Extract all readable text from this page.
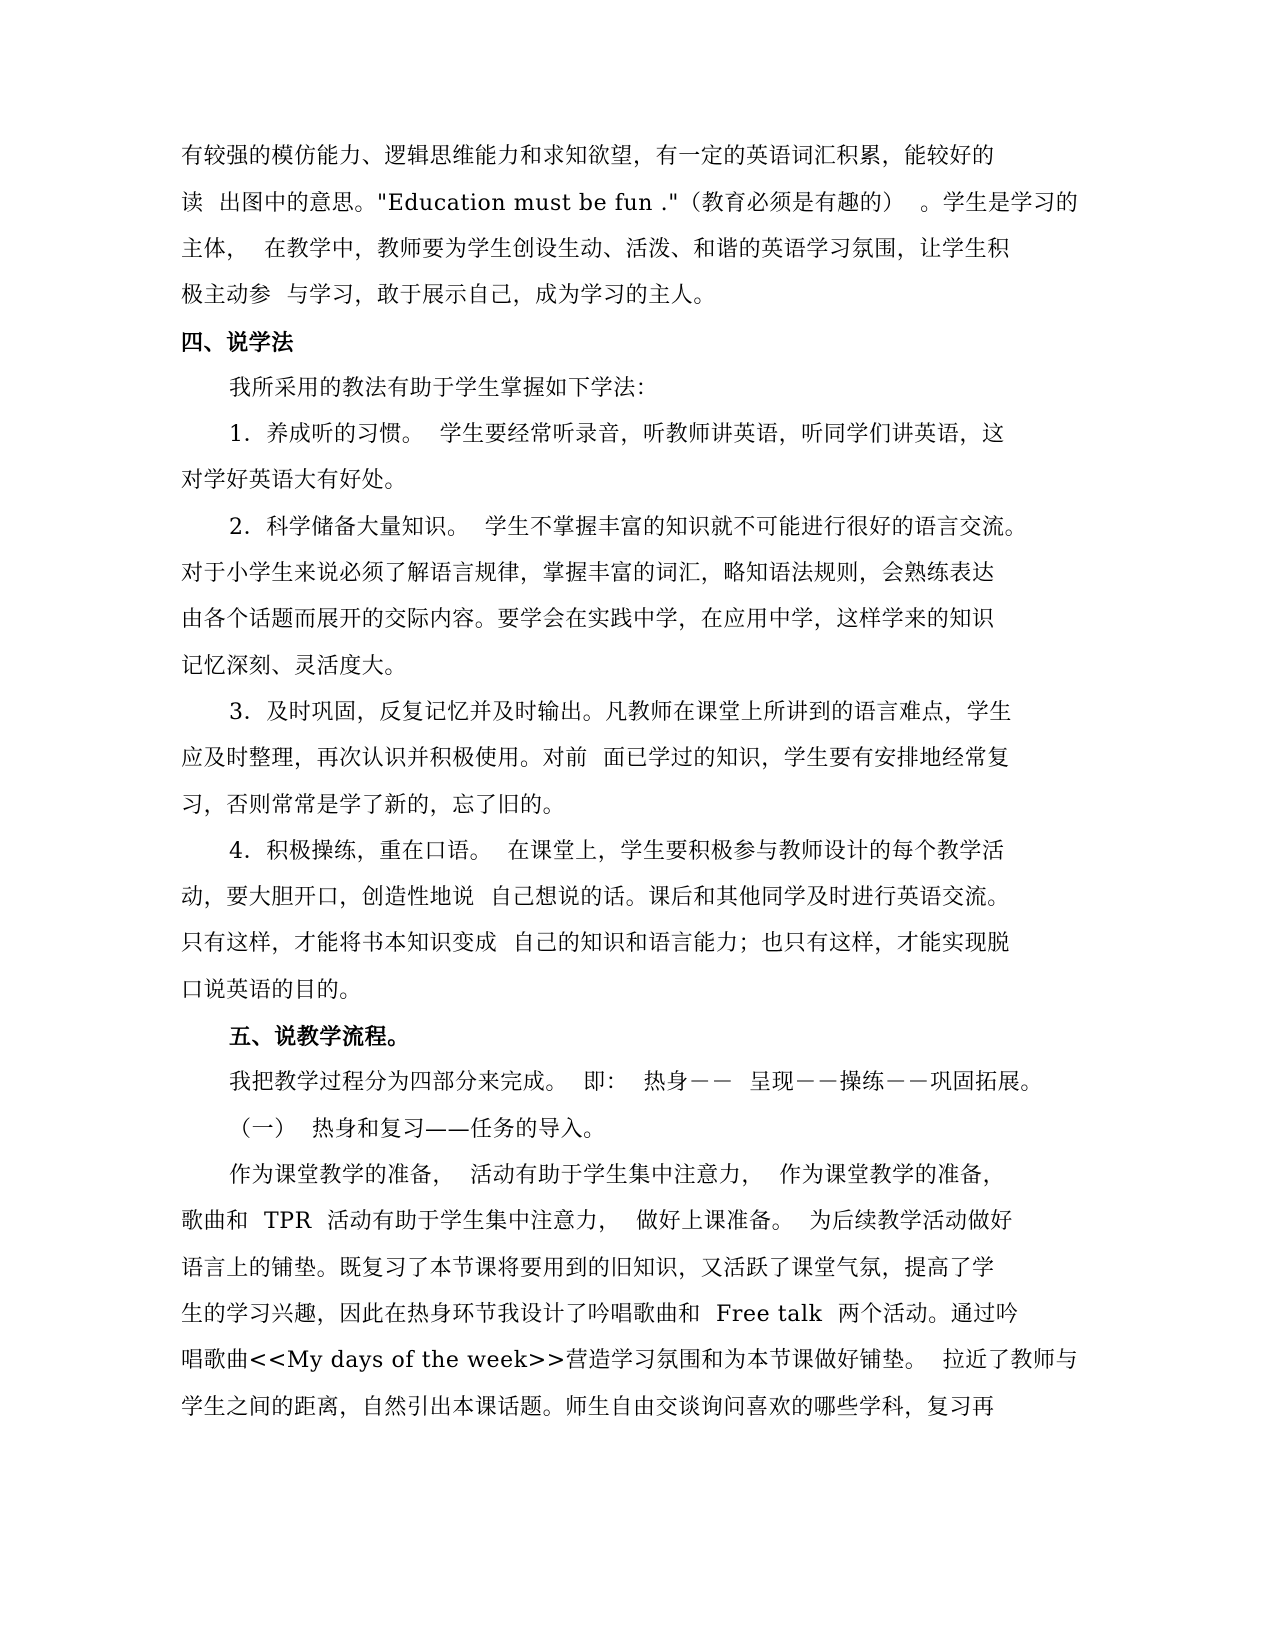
有较强的模仿能力、逻辑思维能力和求知欲望，有一定的英语词汇积累，能较好的
读  出图中的意思。"Education must be fun ."（教育必须是有趣的）  。学生是学习的
主体，  在教学中，教师要为学生创设生动、活泼、和谐的英语学习氛围，让学生积
极主动参  与学习，敢于展示自己，成为学习的主人。
四、说学法
我所采用的教法有助于学生掌握如下学法：
1．养成听的习惯。  学生要经常听录音，听教师讲英语，听同学们讲英语，这
对学好英语大有好处。
2．科学储备大量知识。  学生不掌握丰富的知识就不可能进行很好的语言交流。
对于小学生来说必须了解语言规律，掌握丰富的词汇，略知语法规则，会熟练表达
由各个话题而展开的交际内容。要学会在实践中学，在应用中学，这样学来的知识
记忆深刻、灵活度大。
3．及时巩固，反复记忆并及时输出。凡教师在课堂上所讲到的语言难点，学生
应及时整理，再次认识并积极使用。对前  面已学过的知识，学生要有安排地经常复
习，否则常常是学了新的，忘了旧的。
4．积极操练，重在口语。  在课堂上，学生要积极参与教师设计的每个教学活
动，要大胆开口，创造性地说  自己想说的话。课后和其他同学及时进行英语交流。
只有这样，才能将书本知识变成  自己的知识和语言能力；也只有这样，才能实现脱
口说英语的目的。
五、说教学流程。
我把教学过程分为四部分来完成。  即：  热身－－  呈现－－操练－－巩固拓展。
（一）  热身和复习——任务的导入。
作为课堂教学的准备，  活动有助于学生集中注意力，  作为课堂教学的准备，
歌曲和  TPR  活动有助于学生集中注意力，  做好上课准备。  为后续教学活动做好
语言上的铺垫。既复习了本节课将要用到的旧知识，又活跃了课堂气氛，提高了学
生的学习兴趣，因此在热身环节我设计了吟唱歌曲和  Free talk  两个活动。通过吟
唱歌曲<<My days of the week>>营造学习氛围和为本节课做好铺垫。  拉近了教师与
学生之间的距离，自然引出本课话题。师生自由交谈询问喜欢的哪些学科，复习再
